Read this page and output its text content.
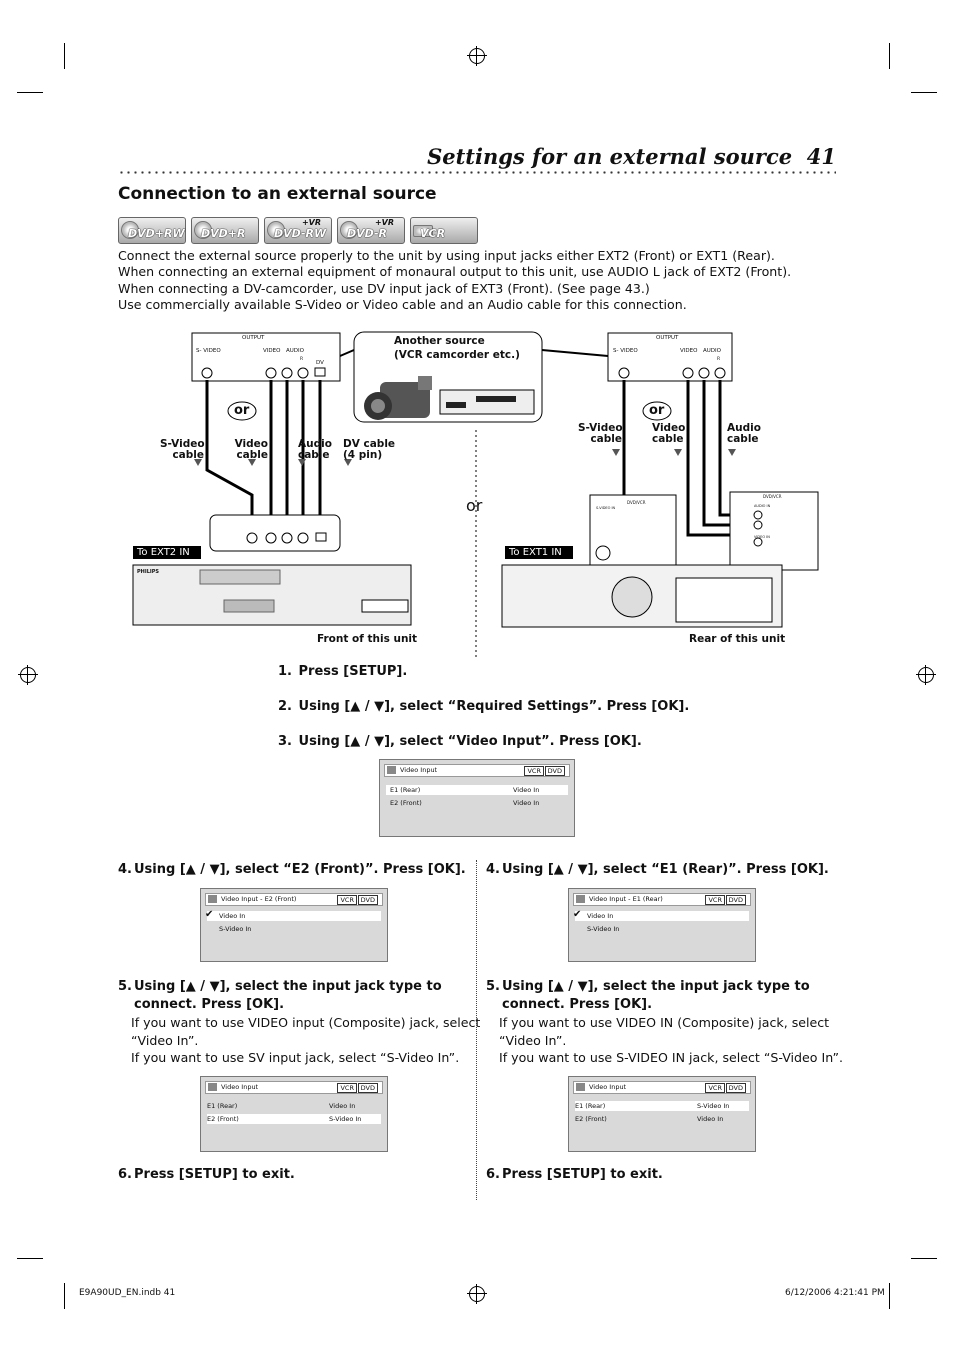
Settings for an external source 41
Connection to an external source
DVD+RW DVD+R
+VR
DVD-RW
+VR
DVD-R	VCR

Connect the external source properly to the unit by using input jacks either EXT2 (Front) or EXT1 (Rear).

When connecting an external equipment of monaural output to this unit, use AUDIO L jack of EXT2 (Front).

When connecting a DV-camcorder, use DV input jack of EXT3 (Front). (See page 43.)

Use commercially available S-Video or Video cable and an Audio cable for this connection.

OUTPUT
S- VIDEO	VIDEO AUDIO
R
DV
OUTPUT
S- VIDEO	VIDEO AUDIO
R
Another source
(VCR camcorder etc.)
or	or
or
S-Video
cable
Video
cable
Audio
cable
DV cable
(4 pin)
S-Video
cable
Video
cable
Audio
cable
To EXT2 IN	To EXT1 IN
PHILIPS
DVD/VCR
DVD/VCR
S-VIDEO IN	AUDIO IN
VIDEO IN
Front of this unit	Rear of this unit
1. Press [SETUP].
2. Using [▲ / ▼], select “Required Settings”. Press [OK].
3. Using [▲ / ▼], select “Video Input”. Press [OK].
Video Input	VCR	DVD
E1 (Rear)	Video In
E2 (Front)	Video In
4. Using [▲ / ▼], select “E2 (Front)”. Press [OK]. 4. Using [▲ / ▼], select “E1 (Rear)”. Press [OK].
Video Input - E2 (Front)	VCR	DVD
✔ Video In
S-Video In
Video Input - E1 (Rear)	VCR	DVD
✔ Video In
S-Video In
5. Using [▲ / ▼], select the input jack type to
connect. Press [OK].
If you want to use VIDEO input (Composite) jack, select
“Video In”.
If you want to use SV input jack, select “S-Video In”.
5. Using [▲ / ▼], select the input jack type to
connect. Press [OK].
If you want to use VIDEO IN (Composite) jack, select
“Video In”.
If you want to use S-VIDEO IN jack, select “S-Video In”.
Video Input	VCR	DVD
E1 (Rear)	Video In
E2 (Front)	S-Video In
Video Input	VCR	DVD
E1 (Rear)	S-Video In
E2 (Front)	Video In
6. Press [SETUP] to exit.	6. Press [SETUP] to exit.
E9A90UD_EN.indb 41	6/12/2006 4:21:41 PM
